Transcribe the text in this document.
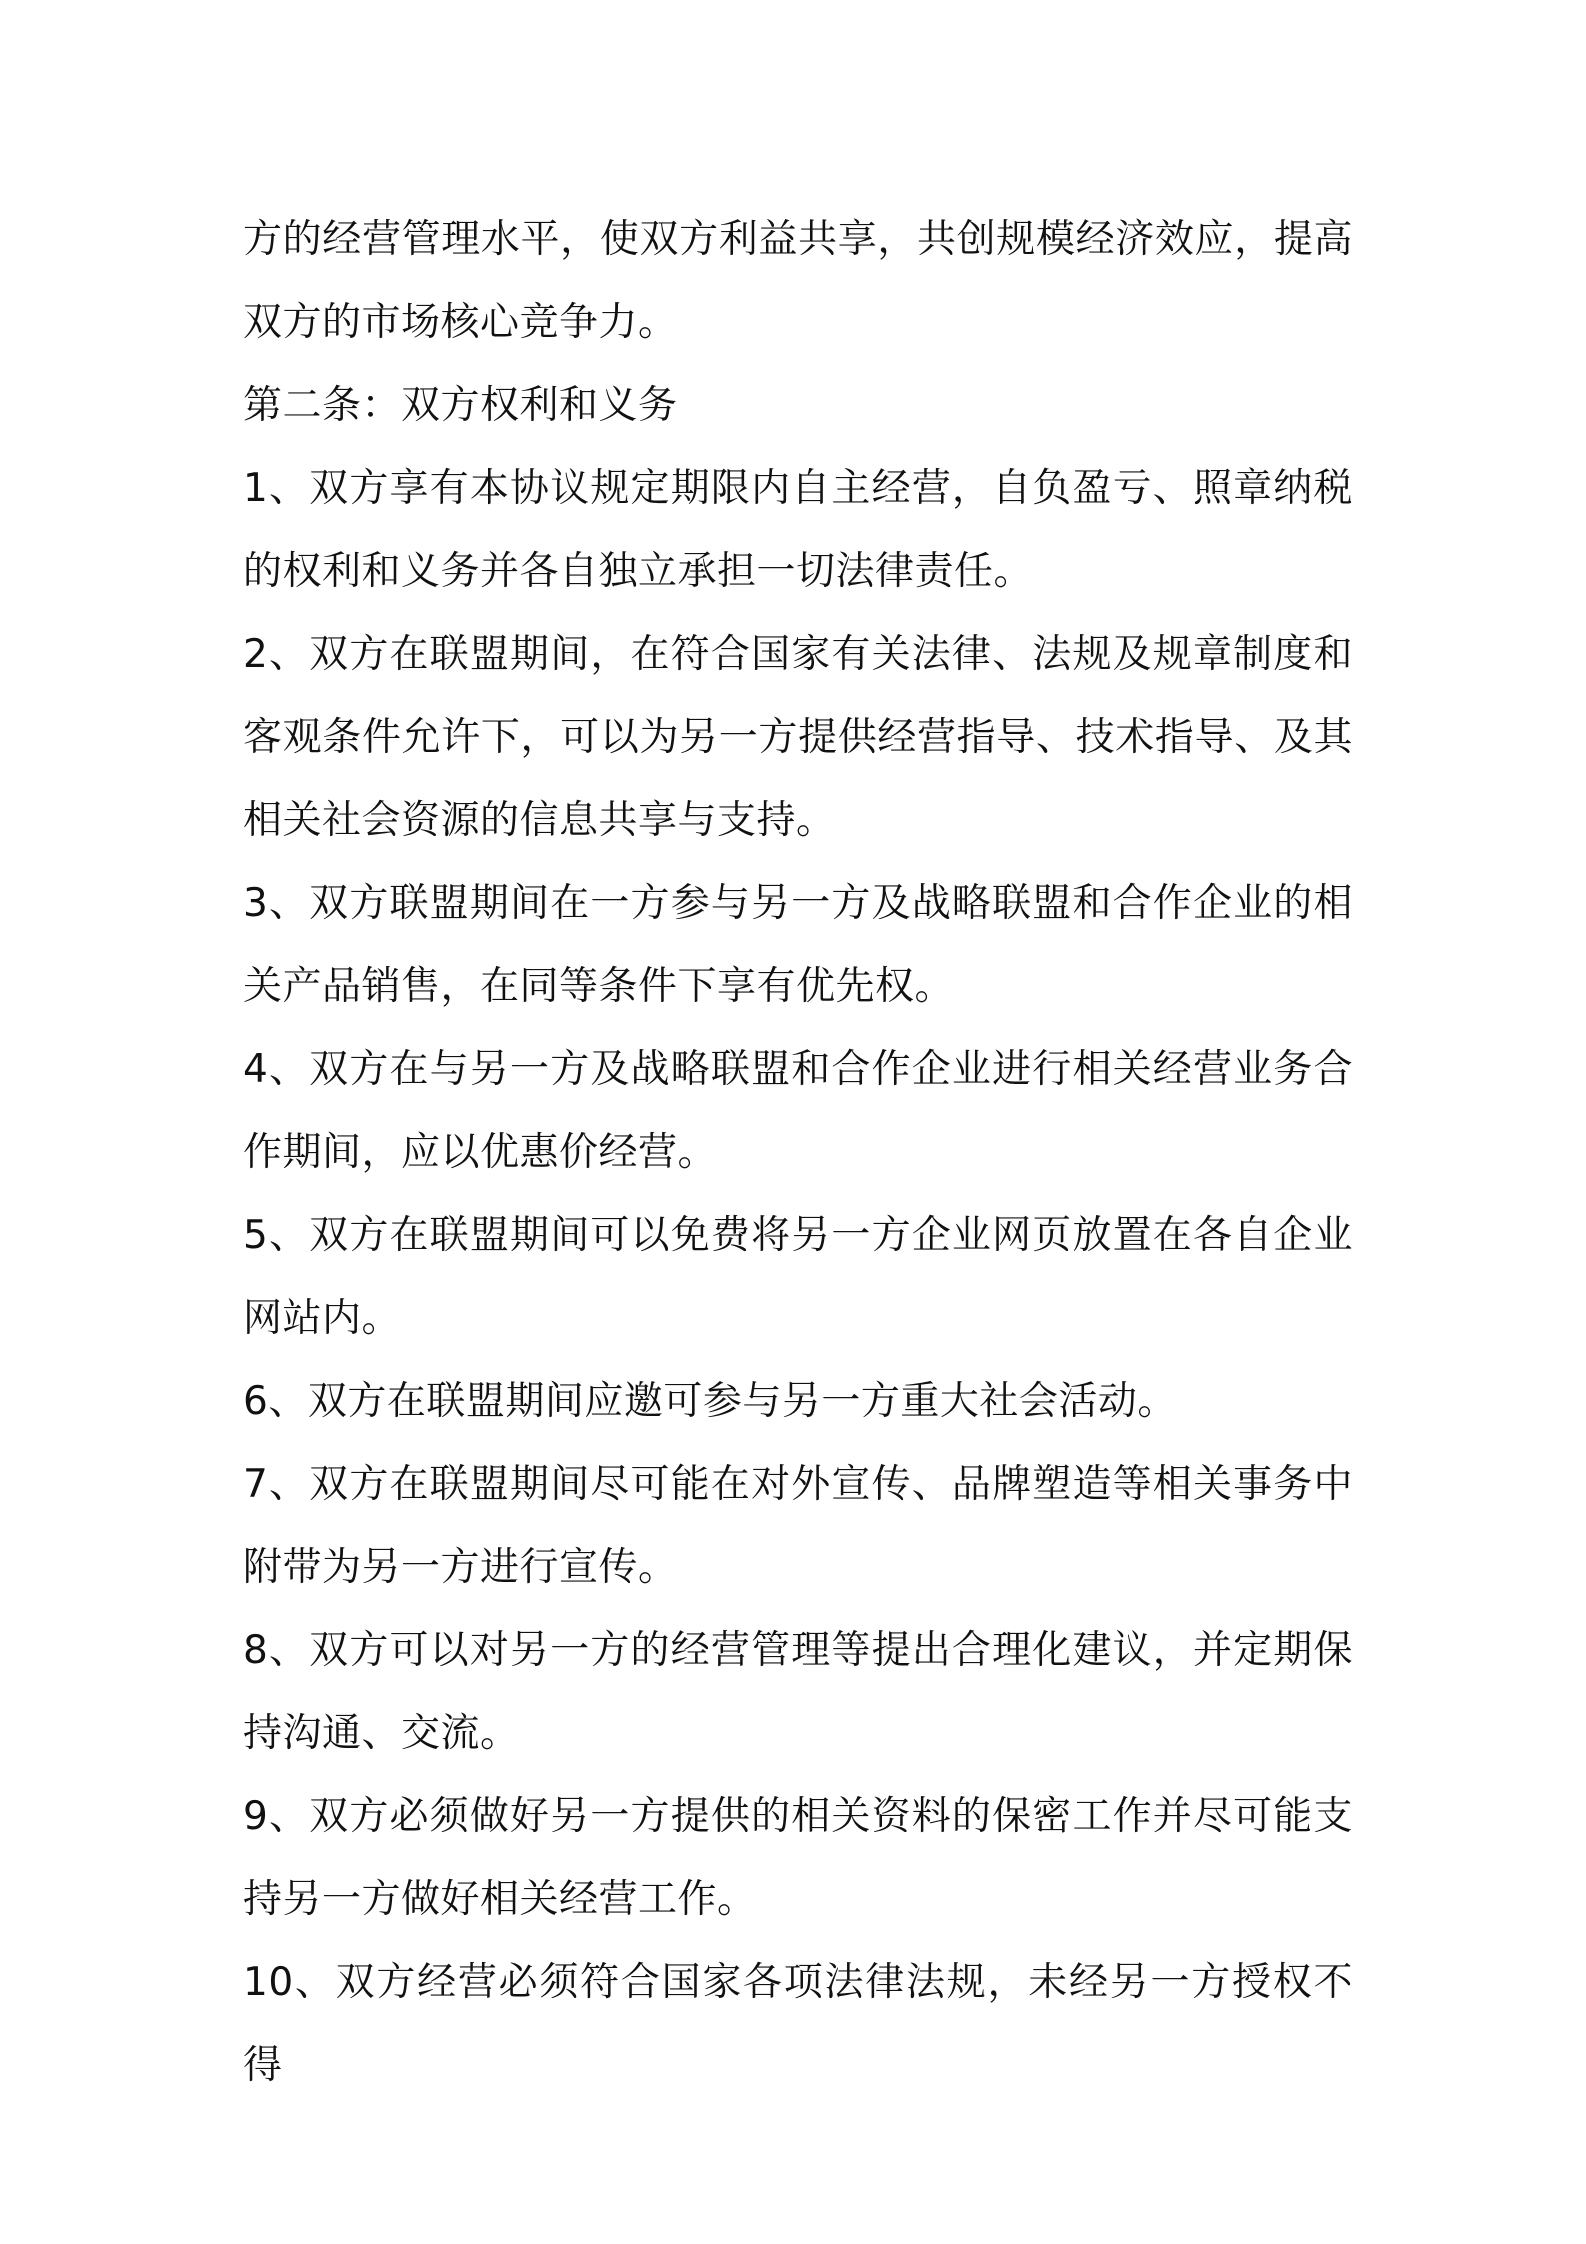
方的经营管理水平，使双方利益共享，共创规模经济效应，提高双方的市场核心竞争力。

第二条：双方权利和义务

1、双方享有本协议规定期限内自主经营，自负盈亏、照章纳税的权利和义务并各自独立承担一切法律责任。

2、双方在联盟期间，在符合国家有关法律、法规及规章制度和客观条件允许下，可以为另一方提供经营指导、技术指导、及其相关社会资源的信息共享与支持。

3、双方联盟期间在一方参与另一方及战略联盟和合作企业的相关产品销售，在同等条件下享有优先权。

4、双方在与另一方及战略联盟和合作企业进行相关经营业务合作期间，应以优惠价经营。

5、双方在联盟期间可以免费将另一方企业网页放置在各自企业网站内。

6、双方在联盟期间应邀可参与另一方重大社会活动。

7、双方在联盟期间尽可能在对外宣传、品牌塑造等相关事务中附带为另一方进行宣传。

8、双方可以对另一方的经营管理等提出合理化建议，并定期保持沟通、交流。

9、双方必须做好另一方提供的相关资料的保密工作并尽可能支持另一方做好相关经营工作。

10、双方经营必须符合国家各项法律法规，未经另一方授权不得
